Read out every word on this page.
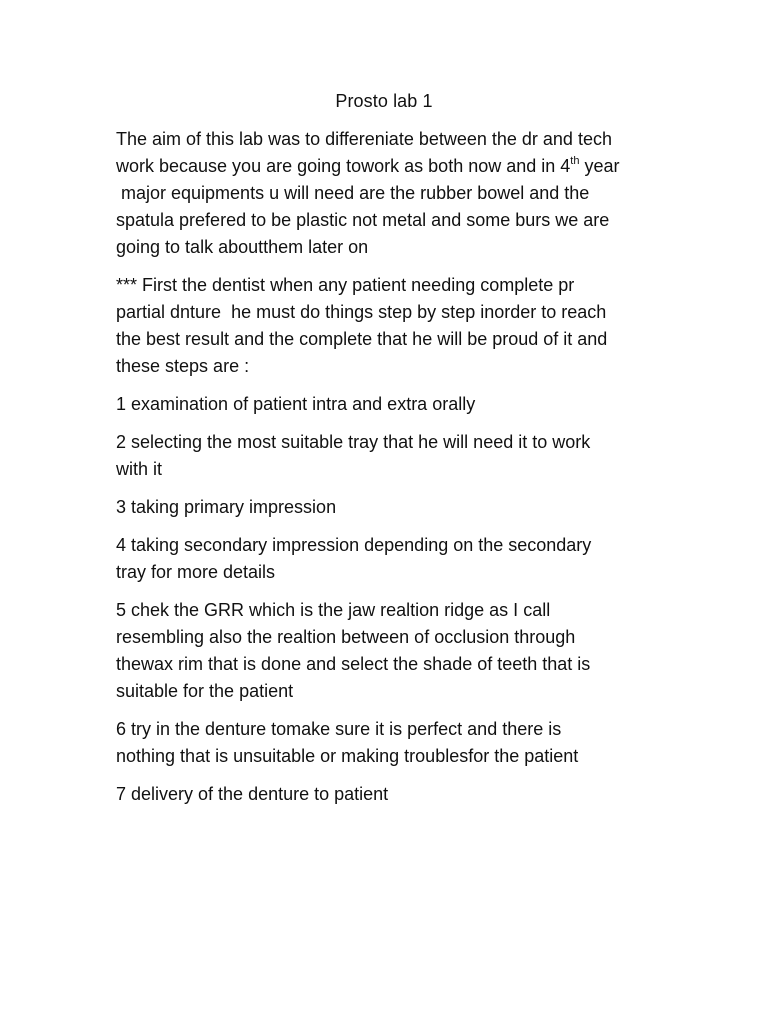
Prosto lab 1

The aim of this lab was to differeniate between the dr and tech
work because you are going towork as both now and in 4th year
major equipments u will need are the rubber bowel and the
spatula prefered to be plastic not metal and some burs we are
going to talk aboutthem later on

*** First the dentist when any patient needing complete pr
partial dnture  he must do things step by step inorder to reach
the best result and the complete that he will be proud of it and
these steps are :

1 examination of patient intra and extra orally

2 selecting the most suitable tray that he will need it to work
with it

3 taking primary impression

4 taking secondary impression depending on the secondary
tray for more details

5 chek the GRR which is the jaw realtion ridge as I call
resembling also the realtion between of occlusion through
thewax rim that is done and select the shade of teeth that is
suitable for the patient

6 try in the denture tomake sure it is perfect and there is
nothing that is unsuitable or making troublesfor the patient

7 delivery of the denture to patient
